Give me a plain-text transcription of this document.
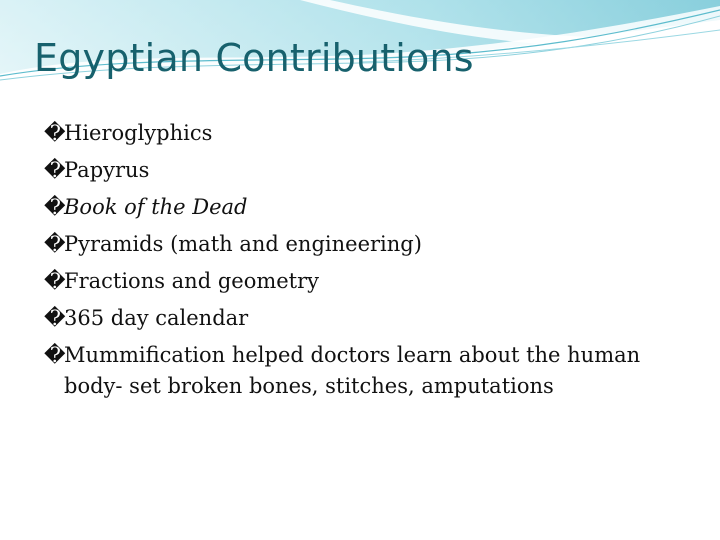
Egyptian Contributions
�
Hieroglyphics
�
Papyrus
�
Book of the Dead
�
Pyramids (math and engineering)
�
Fractions and geometry
�
365 day calendar
�
Mummification helped doctors learn about the human body- set broken bones, stitches, amputations
